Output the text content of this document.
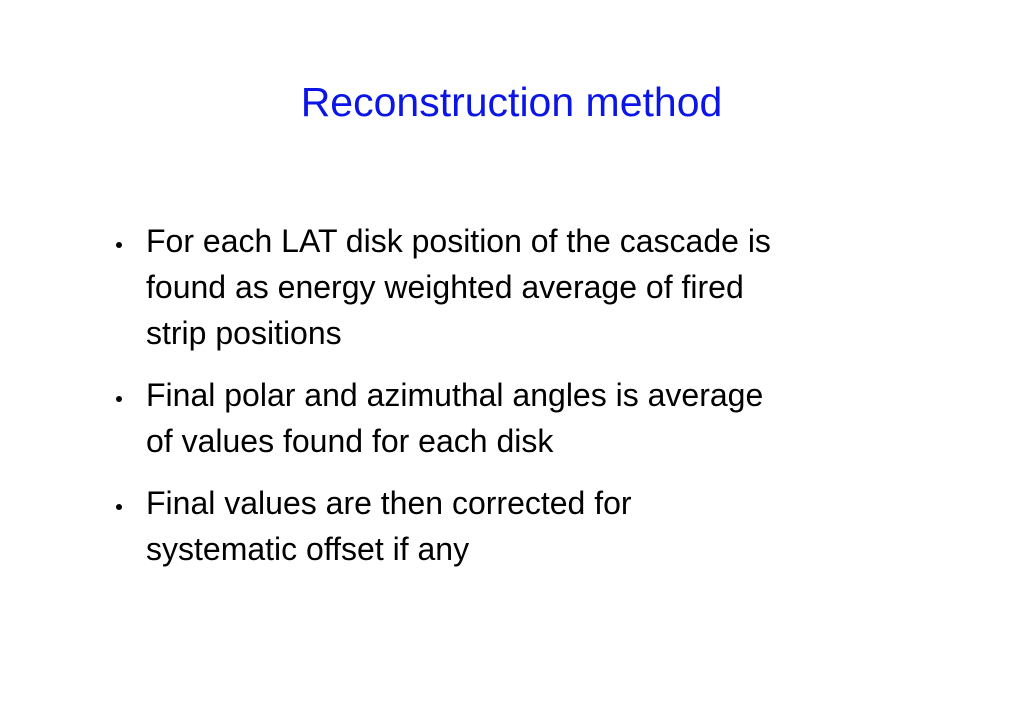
Reconstruction method
For each LAT disk position of the cascade is
found as energy weighted average of fired
strip positions
Final polar and azimuthal angles is average
of values found for each disk
Final values are then corrected for
systematic offset if any
